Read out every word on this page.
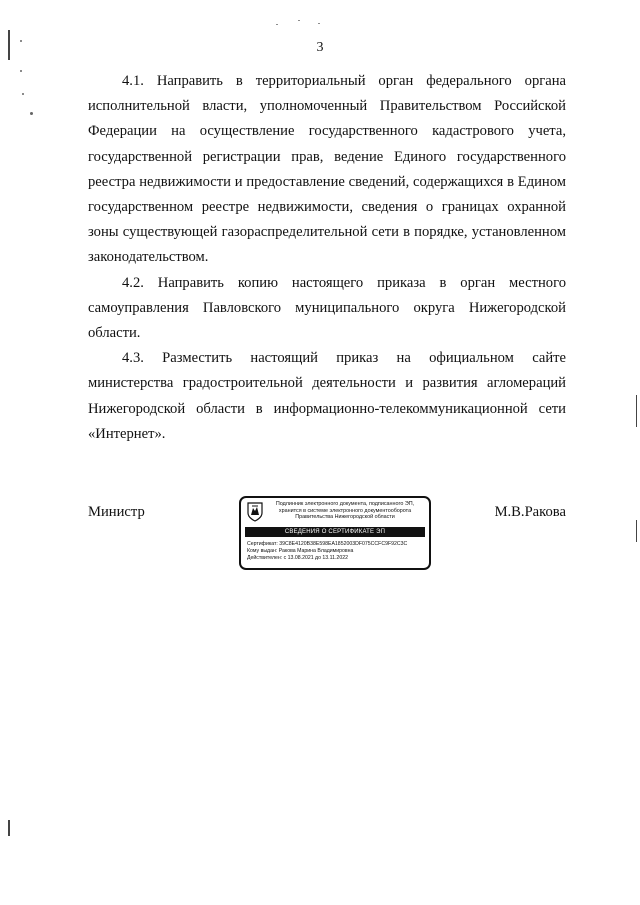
3

4.1. Направить в территориальный орган федерального органа исполнительной власти, уполномоченный Правительством Российской Федерации на осуществление государственного кадастрового учета, государственной регистрации прав, ведение Единого государственного реестра недвижимости и предоставление сведений, содержащихся в Едином государственном реестре недвижимости, сведения о границах охранной зоны существующей газораспределительной сети в порядке, установленном законодательством.

4.2. Направить копию настоящего приказа в орган местного самоуправления Павловского муниципального округа Нижегородской области.

4.3. Разместить настоящий приказ на официальном сайте министерства градостроительной деятельности и развития агломераций Нижегородской области в информационно-телекоммуникационной сети «Интернет».

Министр	Подлинник электронного документа, подписанного ЭП,
хранится в системе электронного документооборота
Правительства Нижегородской области
СВЕДЕНИЯ О СЕРТИФИКАТЕ ЭП
Сертификат: 39C8E4120B38E598EA1852003DF075CCFC9F92C3C
Кому выдан: Ракова Марина Владимировна
Действителен: с 13.08.2021 до 13.11.2022
М.В.Ракова
